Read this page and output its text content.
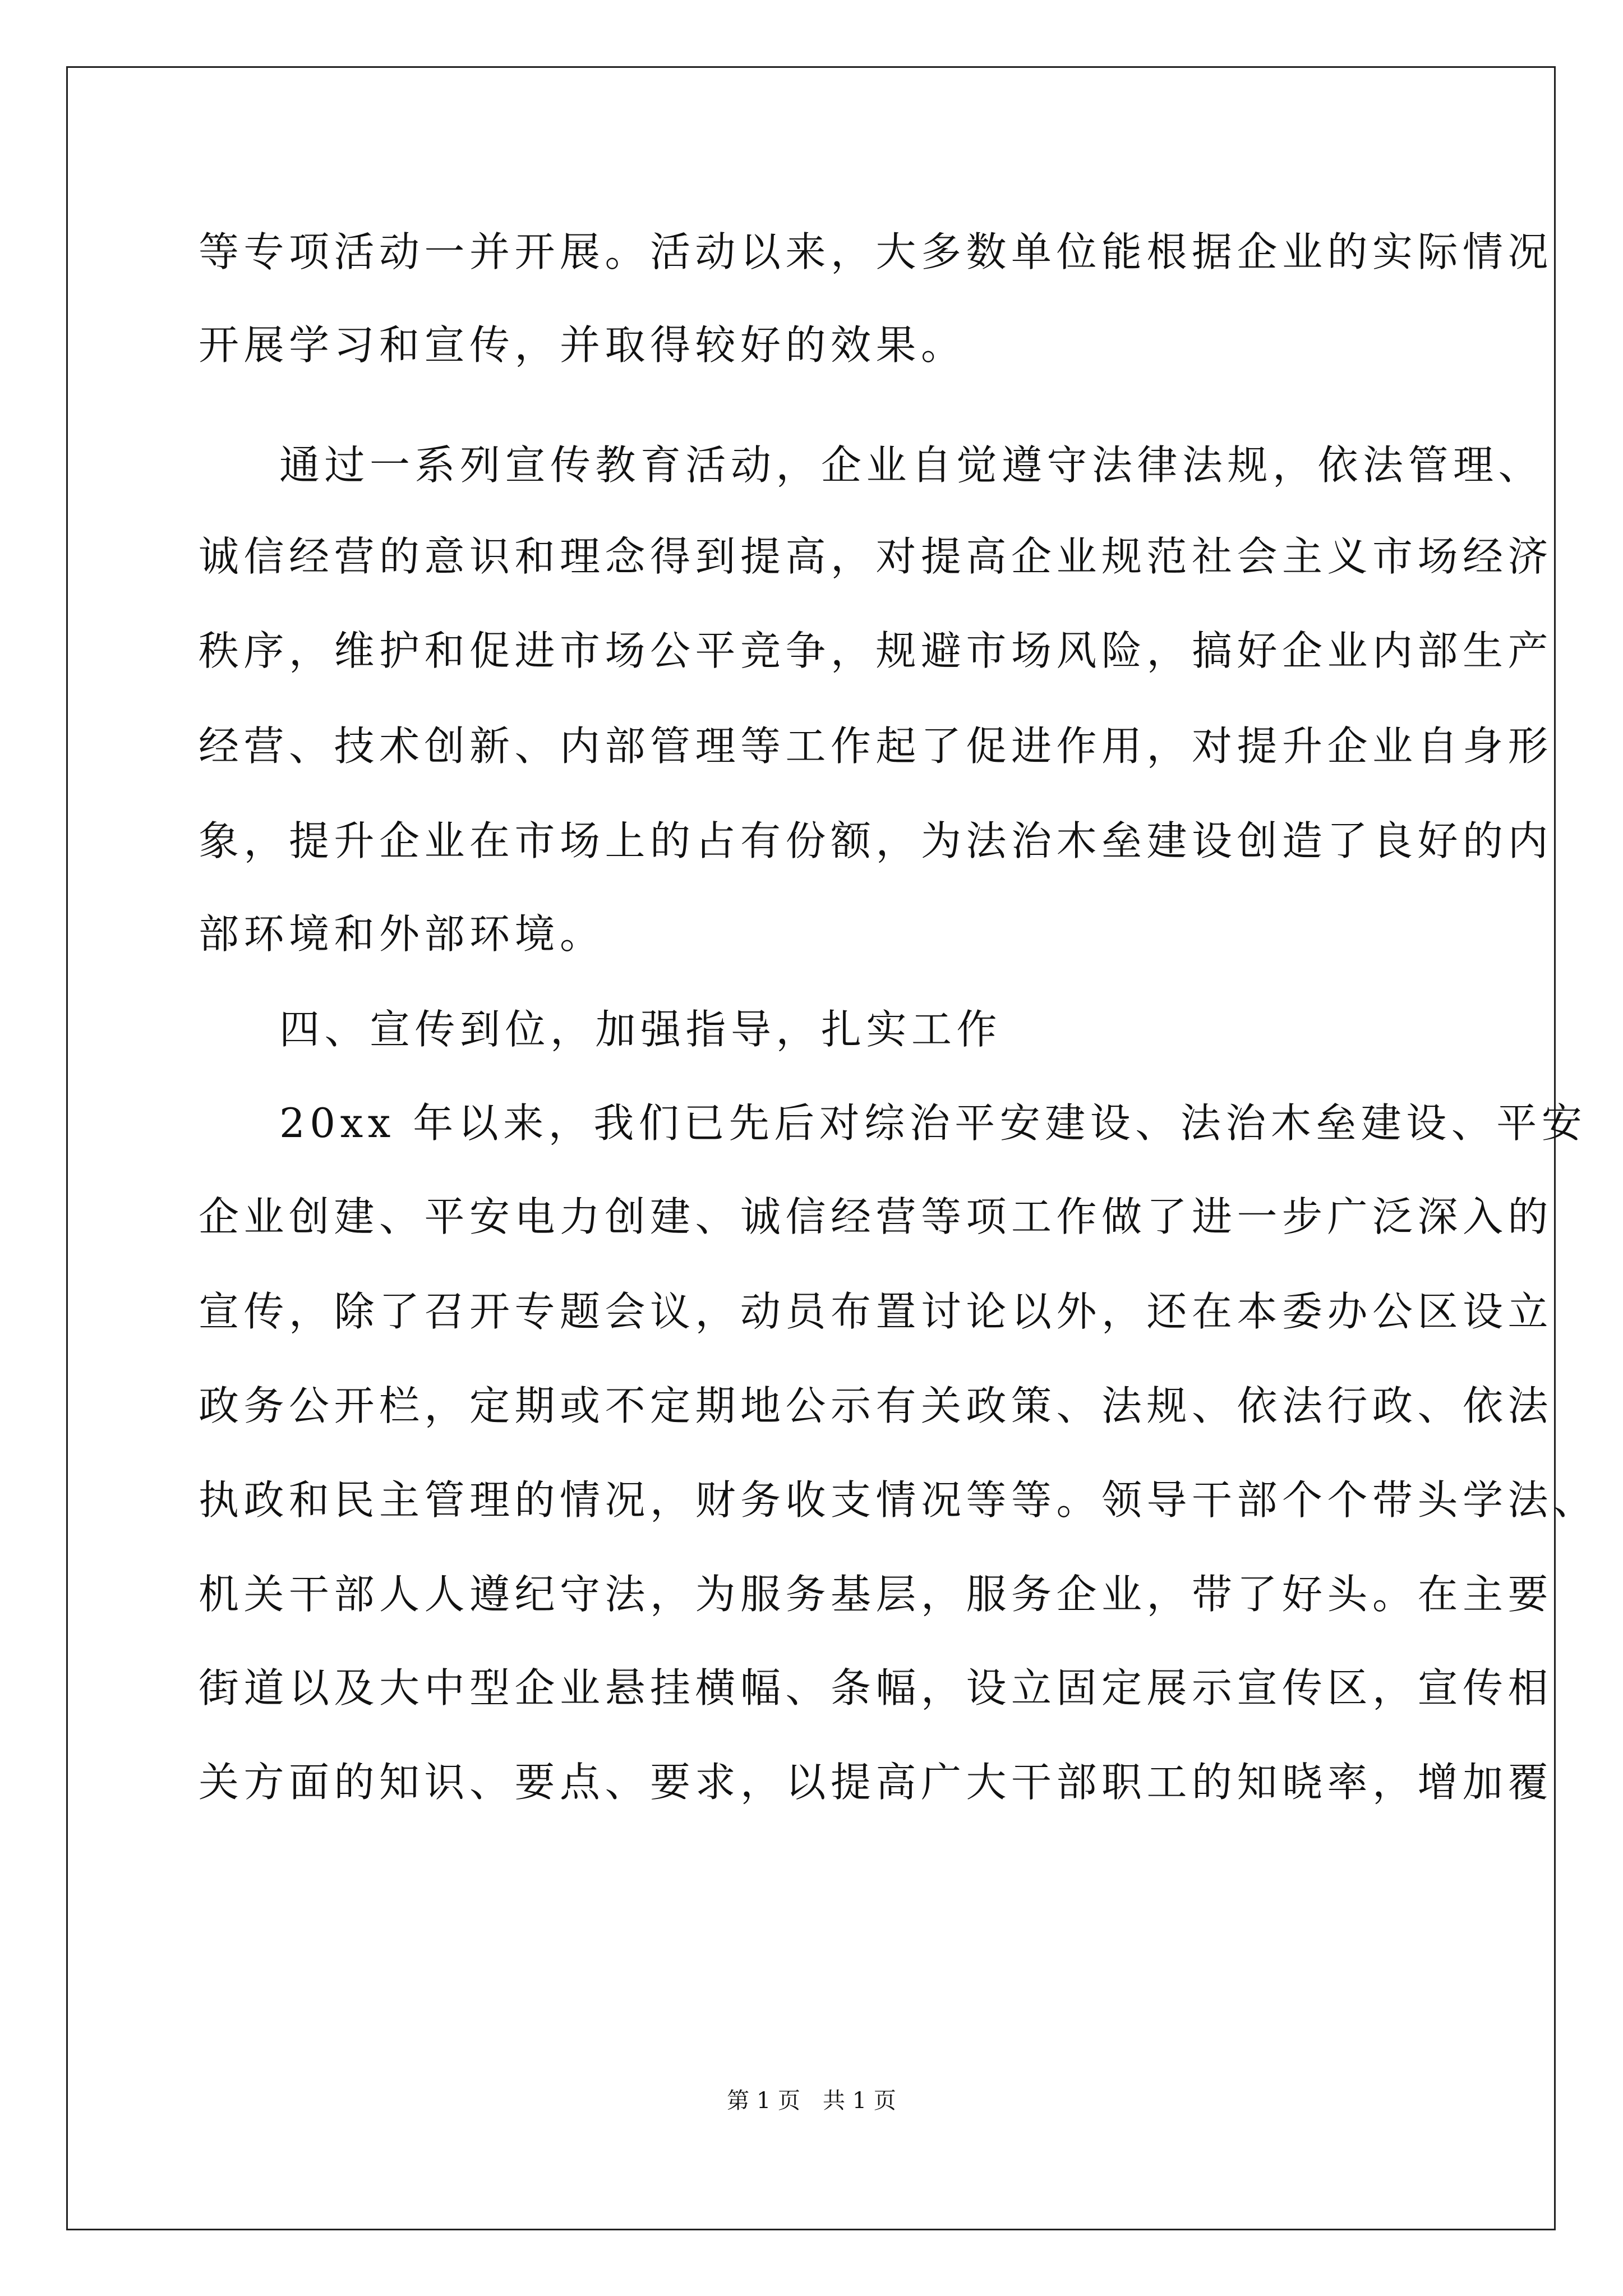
等专项活动一并开展。活动以来，大多数单位能根据企业的实际情况
开展学习和宣传，并取得较好的效果。
通过一系列宣传教育活动，企业自觉遵守法律法规，依法管理、
诚信经营的意识和理念得到提高，对提高企业规范社会主义市场经济
秩序，维护和促进市场公平竞争，规避市场风险，搞好企业内部生产
经营、技术创新、内部管理等工作起了促进作用，对提升企业自身形
象，提升企业在市场上的占有份额，为法治木垒建设创造了良好的内
部环境和外部环境。
四、宣传到位，加强指导，扎实工作
20xx 年以来，我们已先后对综治平安建设、法治木垒建设、平安
企业创建、平安电力创建、诚信经营等项工作做了进一步广泛深入的
宣传，除了召开专题会议，动员布置讨论以外，还在本委办公区设立
政务公开栏，定期或不定期地公示有关政策、法规、依法行政、依法
执政和民主管理的情况，财务收支情况等等。领导干部个个带头学法、
机关干部人人遵纪守法，为服务基层，服务企业，带了好头。在主要
街道以及大中型企业悬挂横幅、条幅，设立固定展示宣传区，宣传相
关方面的知识、要点、要求，以提高广大干部职工的知晓率，增加覆
第 1 页　共 1 页
